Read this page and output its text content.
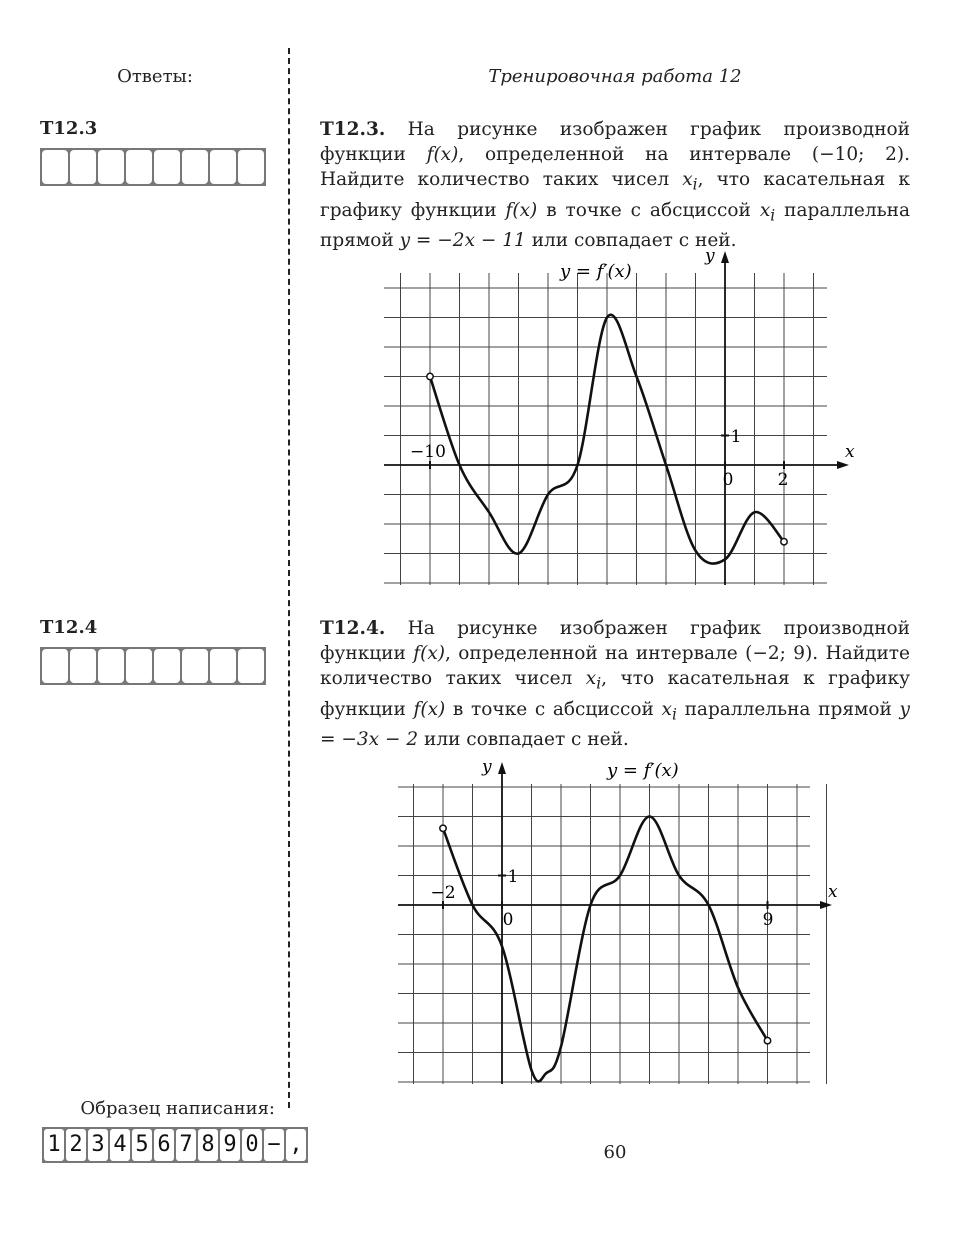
Ответы:	Тренировочная работа 12
Т12.3	Т12.3. На рисунке изображен график производной функции f(x), определенной на интервале (−10; 2). Найдите количество таких чисел $x_i$, что касательная к графику функции f(x) в точке с абсциссой $x_i$ параллельна прямой y = −2x − 11 или совпадает с ней.
x
y
y = f′(x)
−10
0	2
1
Т12.4	Т12.4. На рисунке изображен график производной функции f(x), определенной на интервале (−2; 9). Найдите количество таких чисел $x_i$, что касательная к графику функции f(x) в точке с абсциссой $x_i$ параллельна прямой y = −3x − 2 или совпадает с ней.
x
y	y = f′(x)
−2
0	9
1
Образец написания:
1 2 3 4 5 6 7 8 9 0 − ,	60
